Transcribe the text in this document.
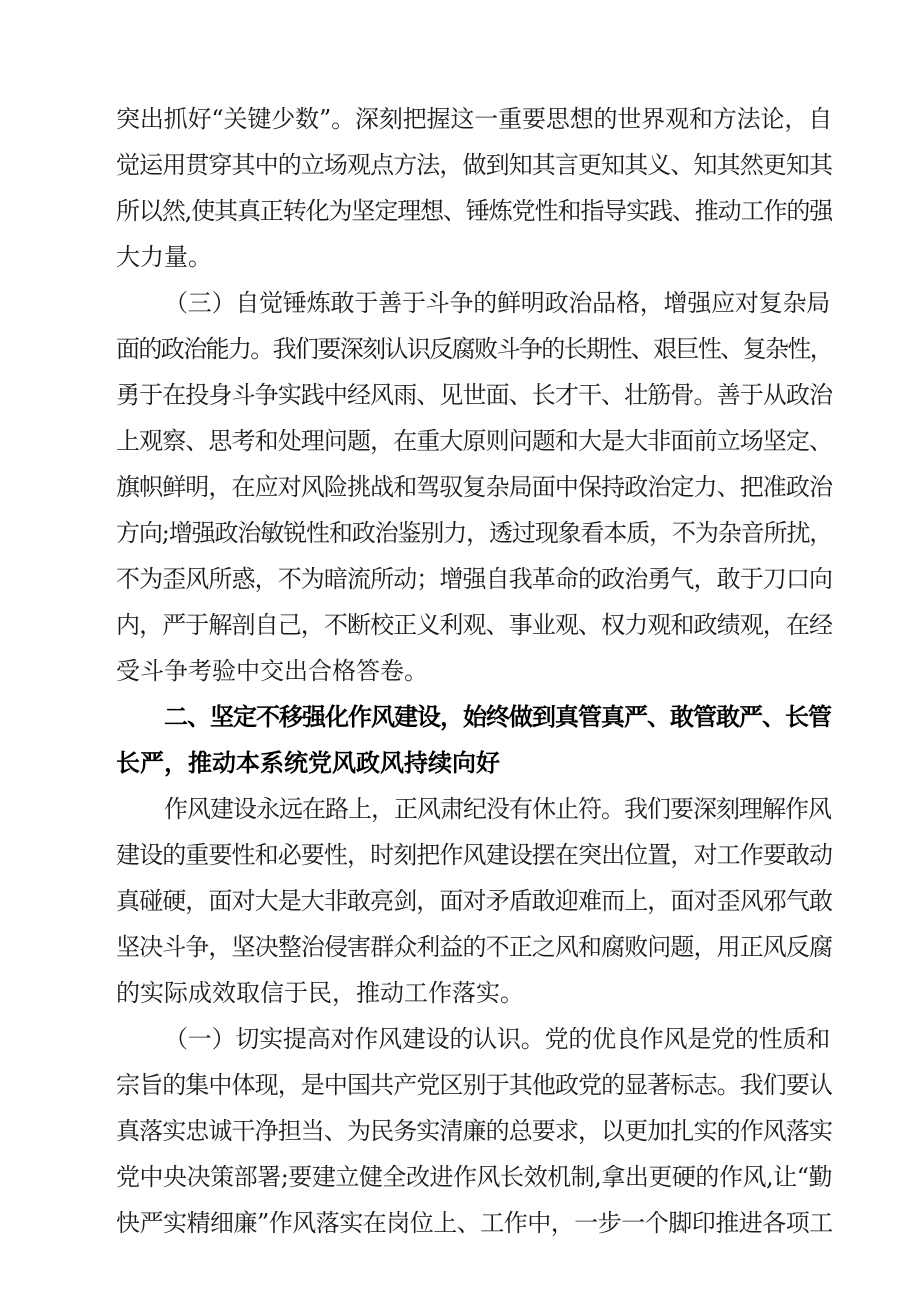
突出抓好“关键少数”。深刻把握这一重要思想的世界观和方法论，自

觉运用贯穿其中的立场观点方法，做到知其言更知其义、知其然更知其

所以然,使其真正转化为坚定理想、锤炼党性和指导实践、推动工作的强

大力量。

（三）自觉锤炼敢于善于斗争的鲜明政治品格，增强应对复杂局

面的政治能力。我们要深刻认识反腐败斗争的长期性、艰巨性、复杂性，

勇于在投身斗争实践中经风雨、见世面、长才干、壮筋骨。善于从政治

上观察、思考和处理问题，在重大原则问题和大是大非面前立场坚定、

旗帜鲜明，在应对风险挑战和驾驭复杂局面中保持政治定力、把准政治

方向;增强政治敏锐性和政治鉴别力，透过现象看本质，不为杂音所扰，

不为歪风所惑，不为暗流所动；增强自我革命的政治勇气，敢于刀口向

内，严于解剖自己，不断校正义利观、事业观、权力观和政绩观，在经

受斗争考验中交出合格答卷。

二、坚定不移强化作风建设，始终做到真管真严、敢管敢严、长管

长严，推动本系统党风政风持续向好

作风建设永远在路上，正风肃纪没有休止符。我们要深刻理解作风

建设的重要性和必要性，时刻把作风建设摆在突出位置，对工作要敢动

真碰硬，面对大是大非敢亮剑，面对矛盾敢迎难而上，面对歪风邪气敢

坚决斗争，坚决整治侵害群众利益的不正之风和腐败问题，用正风反腐

的实际成效取信于民，推动工作落实。

（一）切实提高对作风建设的认识。党的优良作风是党的性质和

宗旨的集中体现，是中国共产党区别于其他政党的显著标志。我们要认

真落实忠诚干净担当、为民务实清廉的总要求，以更加扎实的作风落实

党中央决策部署;要建立健全改进作风长效机制,拿出更硬的作风,让“勤

快严实精细廉”作风落实在岗位上、工作中，一步一个脚印推进各项工
